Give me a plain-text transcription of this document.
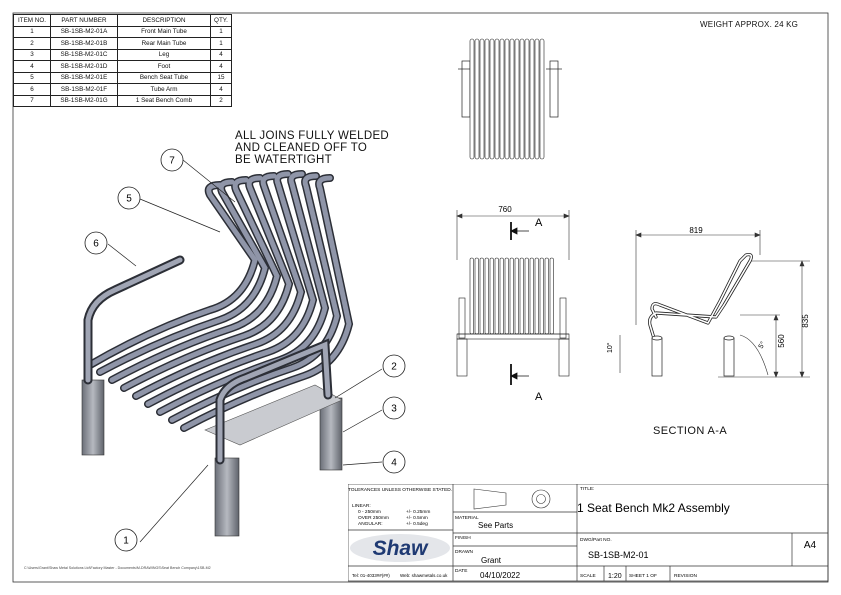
ITEM NO.	PART NUMBER	DESCRIPTION	QTY.
1	SB-1SB-M2-01A	Front Main Tube	1
2	SB-1SB-M2-01B	Rear Main Tube	1
3	SB-1SB-M2-01C	Leg	4
4	SB-1SB-M2-01D	Foot	4
5	SB-1SB-M2-01E	Bench Seat Tube	15
6	SB-1SB-M2-01F	Tube Arm	4
7	SB-1SB-M2-01G	1 Seat Bench Comb	2
WEIGHT APPROX. 24 KG
ALL JOINS FULLY WELDED
AND CLEANED OFF TO
BE WATERTIGHT
1
2
3
4
5
6
7
760
A
A
819
835
560
5°
10°
SECTION A-A
C:\Users\Grant\Shaw Metal Solutions Ltd\Factory Master - Documents\M-DRAWINGS\Seat Bench Company\1SB-M2
Shaw
TOLERANCES UNLESS OTHERWISE STATED.
LINEAR:
0 - 250mm	+/- 0.25mm
OVER 250mm	+/- 0.5mm
ANGULAR:	+/- 0.5deg
Tel: 01-4033##(##) Web: shawmetals.co.uk
MATERIAL
See Parts
FINISH
DRAWN
Grant
DATE 04/10/2022
TITLE:
1 Seat Bench Mk2 Assembly
DWG/Part NO.
SB-1SB-M2-01
A4
SCALE 1:20 SHEET 1 OF	REVISION
